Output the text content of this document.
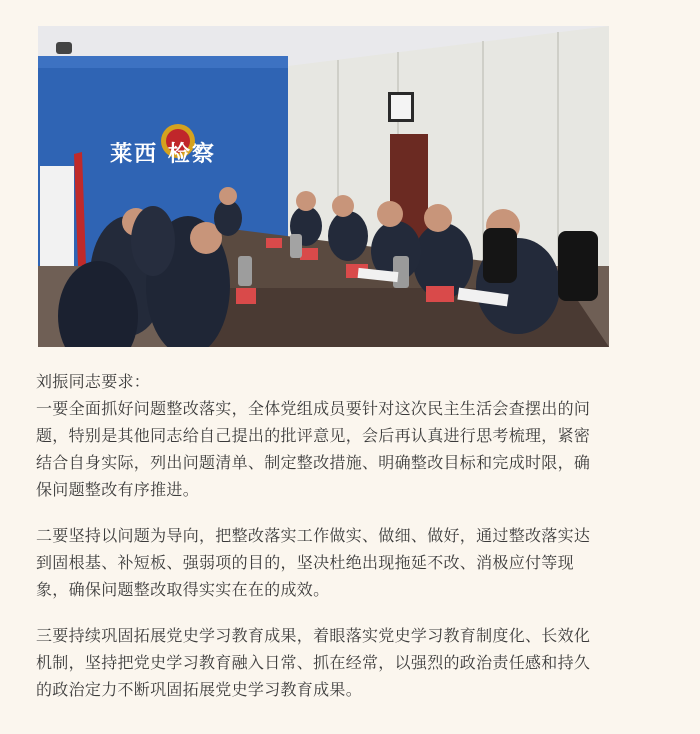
莱西 检察
刘振同志要求：
一要全面抓好问题整改落实，全体党组成员要针对这次民主生活会查摆出的问
题，特别是其他同志给自己提出的批评意见，会后再认真进行思考梳理，紧密
结合自身实际，列出问题清单、制定整改措施、明确整改目标和完成时限，确
保问题整改有序推进。
二要坚持以问题为导向，把整改落实工作做实、做细、做好，通过整改落实达
到固根基、补短板、强弱项的目的，坚决杜绝出现拖延不改、消极应付等现
象，确保问题整改取得实实在在的成效。
三要持续巩固拓展党史学习教育成果，着眼落实党史学习教育制度化、长效化
机制，坚持把党史学习教育融入日常、抓在经常，以强烈的政治责任感和持久
的政治定力不断巩固拓展党史学习教育成果。
